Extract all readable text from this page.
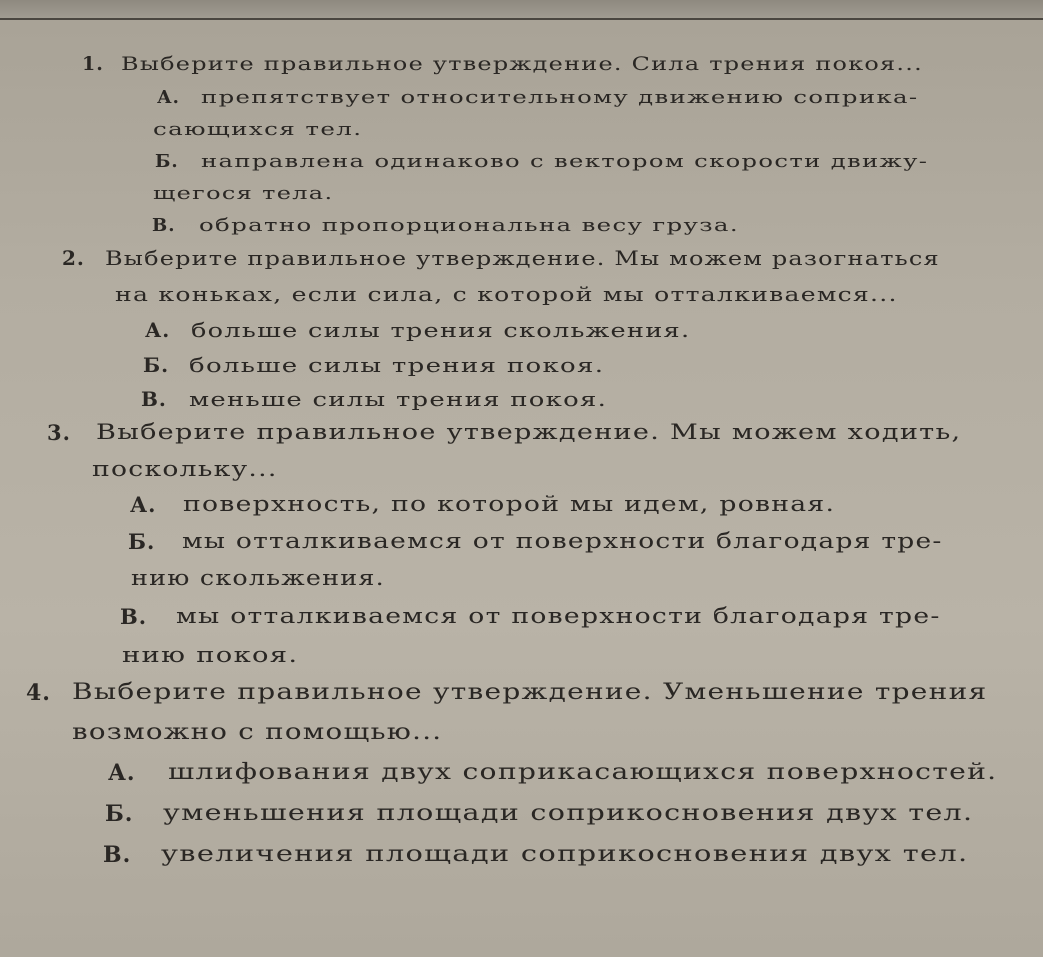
1. Выберите правильное утверждение. Сила трения покоя...
А. препятствует относительному движению соприка-
сающихся тел.
Б. направлена одинаково с вектором скорости движу-
щегося тела.
В. обратно пропорциональна весу груза.
2. Выберите правильное утверждение. Мы можем разогнаться
на коньках, если сила, с которой мы отталкиваемся...
А. больше силы трения скольжения.
Б. больше силы трения покоя.
В. меньше силы трения покоя.
3. Выберите правильное утверждение. Мы можем ходить,
поскольку...
А. поверхность, по которой мы идем, ровная.
Б. мы отталкиваемся от поверхности благодаря тре-
нию скольжения.
В. мы отталкиваемся от поверхности благодаря тре-
нию покоя.
4. Выберите правильное утверждение. Уменьшение трения
возможно с помощью...
А. шлифования двух соприкасающихся поверхностей.
Б. уменьшения площади соприкосновения двух тел.
В. увеличения площади соприкосновения двух тел.
